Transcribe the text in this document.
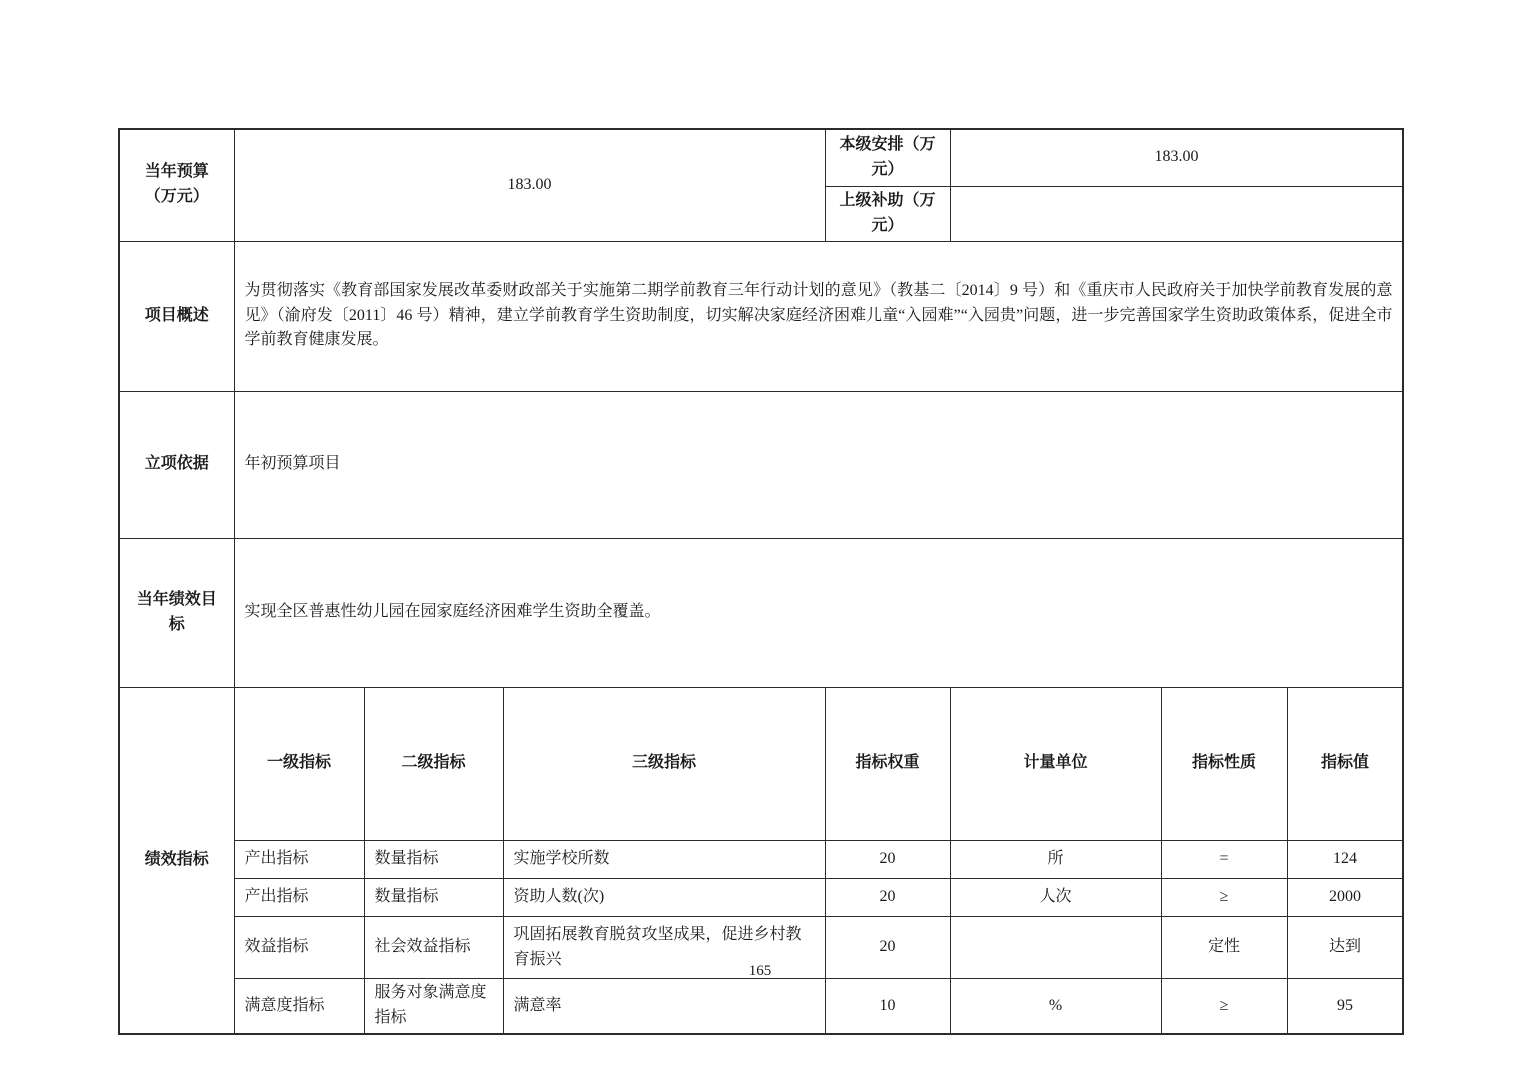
当年预算（万元）	183.00			本级安排（万元）	183.00			
				上级补助（万元）				
项目概述	为贯彻落实《教育部国家发展改革委财政部关于实施第二期学前教育三年行动计划的意见》（教基二〔2014〕9 号）和《重庆市人民政府关于加快学前教育发展的意见》（渝府发〔2011〕46 号）精神，建立学前教育学生资助制度，切实解决家庭经济困难儿童“入园难”“入园贵”问题，进一步完善国家学生资助政策体系，促进全市学前教育健康发展。							
立项依据	年初预算项目							
当年绩效目标	实现全区普惠性幼儿园在园家庭经济困难学生资助全覆盖。							
绩效指标	一级指标	二级指标	三级指标	指标权重	计量单位	指标性质	指标值	
	产出指标	数量指标	实施学校所数	20	所	=	124	
	产出指标	数量指标	资助人数(次)	20	人次	≥	2000	
	效益指标	社会效益指标	巩固拓展教育脱贫攻坚成果，促进乡村教育振兴	20		定性	达到	
	满意度指标	服务对象满意度指标	满意率	10	%	≥	95	
165
